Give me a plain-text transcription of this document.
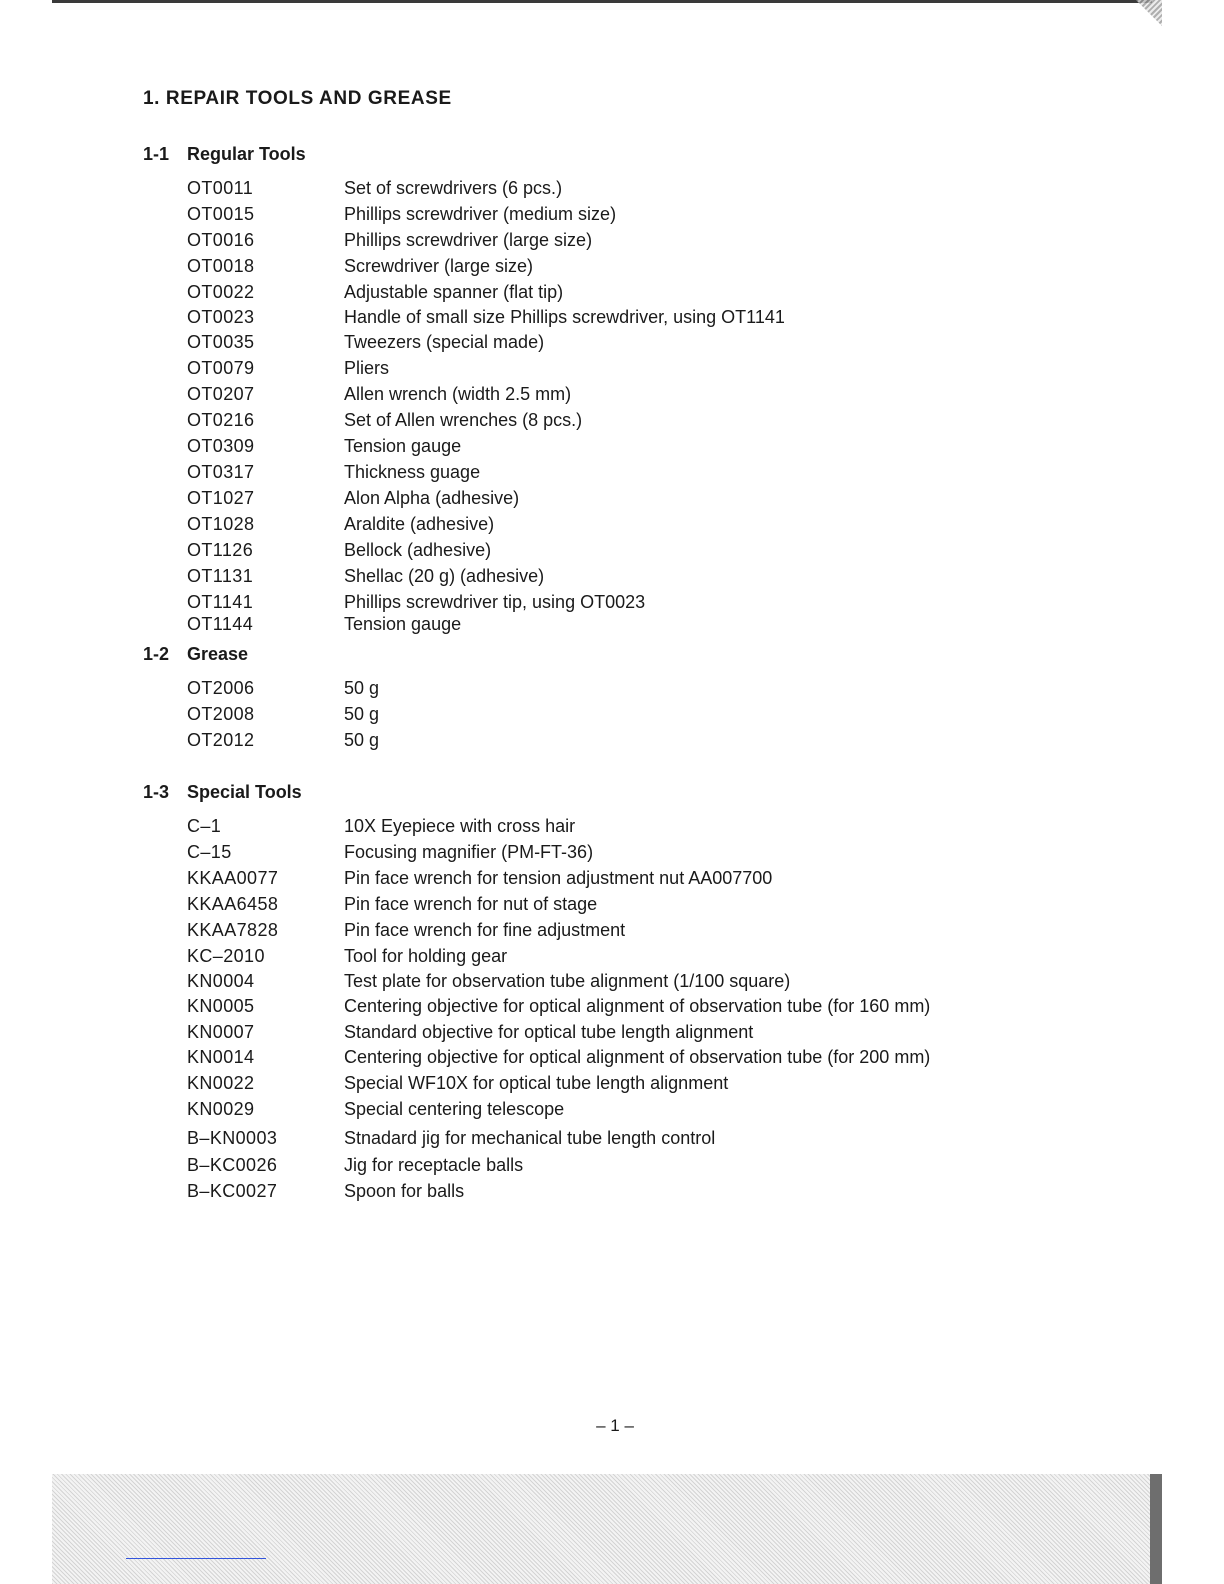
1. REPAIR TOOLS AND GREASE
1-1 Regular Tools
OT0011	Set of screwdrivers (6 pcs.)
OT0015	Phillips screwdriver (medium size)
OT0016	Phillips screwdriver (large size)
OT0018	Screwdriver (large size)
OT0022	Adjustable spanner (flat tip)
OT0023	Handle of small size Phillips screwdriver, using OT1141
OT0035	Tweezers (special made)
OT0079	Pliers
OT0207	Allen wrench (width 2.5 mm)
OT0216	Set of Allen wrenches (8 pcs.)
OT0309	Tension gauge
OT0317	Thickness guage
OT1027	Alon Alpha (adhesive)
OT1028	Araldite (adhesive)
OT1126	Bellock (adhesive)
OT1131	Shellac (20 g) (adhesive)
OT1141	Phillips screwdriver tip, using OT0023
OT1144	Tension gauge
1-2 Grease
OT2006	50 g
OT2008	50 g
OT2012	50 g
1-3 Special Tools
C–1	10X Eyepiece with cross hair
C–15	Focusing magnifier (PM-FT-36)
KKAA0077	Pin face wrench for tension adjustment nut AA007700
KKAA6458	Pin face wrench for nut of stage
KKAA7828	Pin face wrench for fine adjustment
KC–2010	Tool for holding gear
KN0004	Test plate for observation tube alignment (1/100 square)
KN0005	Centering objective for optical alignment of observation tube (for 160 mm)
KN0007	Standard objective for optical tube length alignment
KN0014	Centering objective for optical alignment of observation tube (for 200 mm)
KN0022	Special WF10X for optical tube length alignment
KN0029	Special centering telescope
B–KN0003	Stnadard jig for mechanical tube length control
B–KC0026	Jig for receptacle balls
B–KC0027	Spoon for balls
– 1 –
